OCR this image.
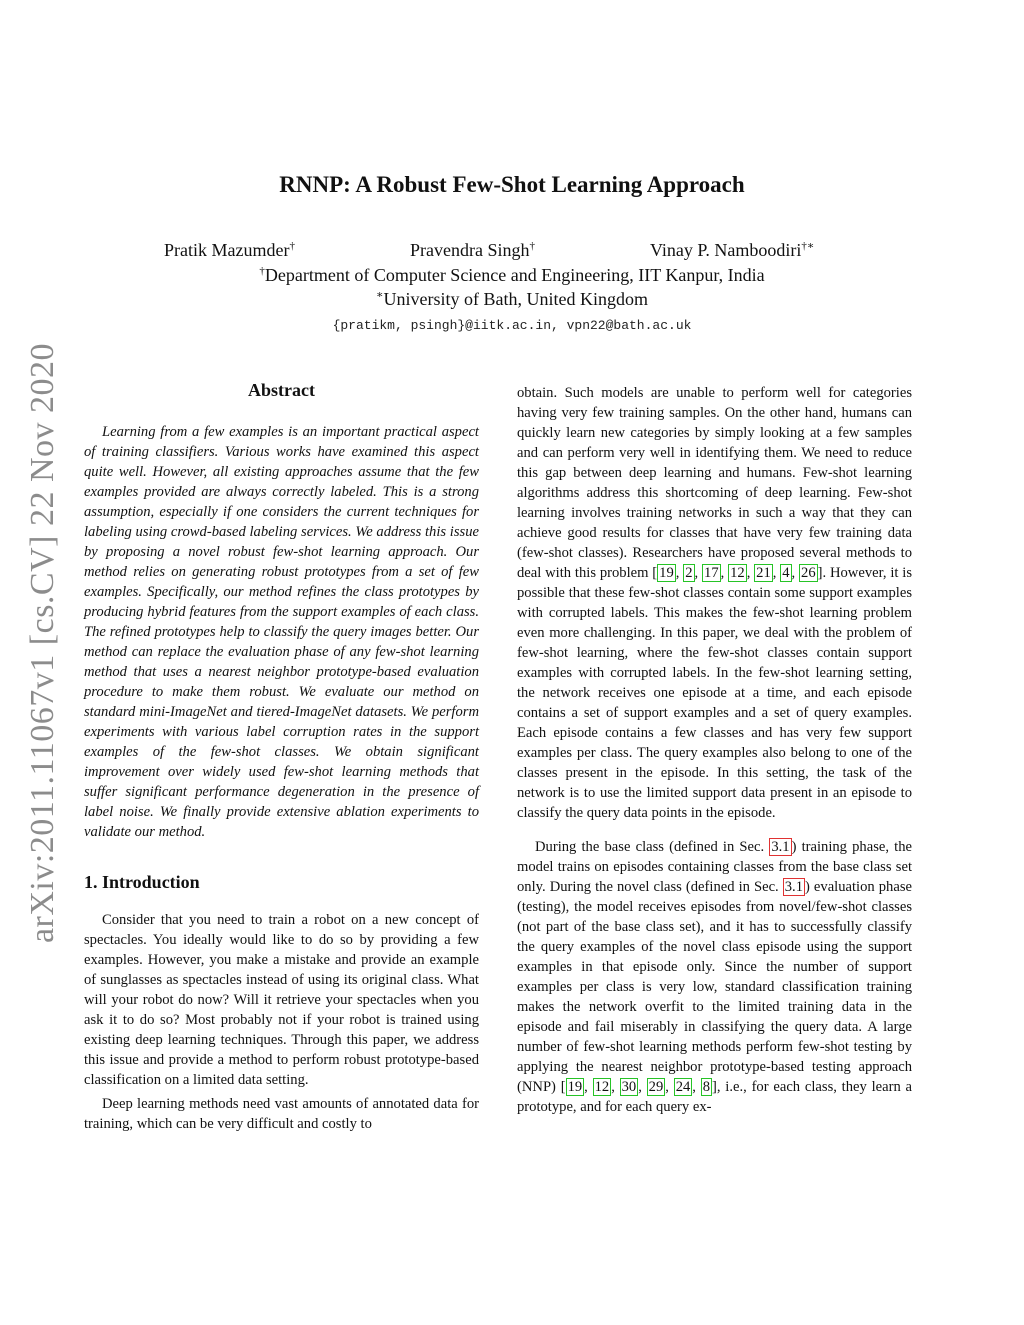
arXiv:2011.11067v1 [cs.CV] 22 Nov 2020
RNNP: A Robust Few-Shot Learning Approach
Pratik Mazumder†	Pravendra Singh†	Vinay P. Namboodiri†∗
†Department of Computer Science and Engineering, IIT Kanpur, India
∗University of Bath, United Kingdom
{pratikm, psingh}@iitk.ac.in, vpn22@bath.ac.uk
Abstract

Learning from a few examples is an important practical aspect of training classifiers. Various works have examined this aspect quite well. However, all existing approaches assume that the few examples provided are always correctly labeled. This is a strong assumption, especially if one considers the current techniques for labeling using crowd-based labeling services. We address this issue by proposing a novel robust few-shot learning approach. Our method relies on generating robust prototypes from a set of few examples. Specifically, our method refines the class prototypes by producing hybrid features from the support examples of each class. The refined prototypes help to classify the query images better. Our method can replace the evaluation phase of any few-shot learning method that uses a nearest neighbor prototype-based evaluation procedure to make them robust. We evaluate our method on standard mini-ImageNet and tiered-ImageNet datasets. We perform experiments with various label corruption rates in the support examples of the few-shot classes. We obtain significant improvement over widely used few-shot learning methods that suffer significant performance degeneration in the presence of label noise. We finally provide extensive ablation experiments to validate our method.

1. Introduction

Consider that you need to train a robot on a new concept of spectacles. You ideally would like to do so by providing a few examples. However, you make a mistake and provide an example of sunglasses as spectacles instead of using its original class. What will your robot do now? Will it retrieve your spectacles when you ask it to do so? Most probably not if your robot is trained using existing deep learning techniques. Through this paper, we address this issue and provide a method to perform robust prototype-based classification on a limited data setting.

Deep learning methods need vast amounts of annotated data for training, which can be very difficult and costly to

obtain. Such models are unable to perform well for categories having very few training samples. On the other hand, humans can quickly learn new categories by simply looking at a few samples and can perform very well in identifying them. We need to reduce this gap between deep learning and humans. Few-shot learning algorithms address this shortcoming of deep learning. Few-shot learning involves training networks in such a way that they can achieve good results for classes that have very few training data (few-shot classes). Researchers have proposed several methods to deal with this problem [ 19 , 2 , 17 , 12 , 21 , 4 , 26 ]. However, it is possible that these few-shot classes contain some support examples with corrupted labels. This makes the few-shot learning problem even more challenging. In this paper, we deal with the problem of few-shot learning, where the few-shot classes contain support examples with corrupted labels. In the few-shot learning setting, the network receives one episode at a time, and each episode contains a set of support examples and a set of query examples. Each episode contains a few classes and has very few support examples per class. The query examples also belong to one of the classes present in the episode. In this setting, the task of the network is to use the limited support data present in an episode to classify the query data points in the episode.

During the base class (defined in Sec. 3.1 ) training phase, the model trains on episodes containing classes from the base class set only. During the novel class (defined in Sec. 3.1 ) evaluation phase (testing), the model receives episodes from novel/few-shot classes (not part of the base class set), and it has to successfully classify the query examples of the novel class episode using the support examples in that episode only. Since the number of support examples per class is very low, standard classification training makes the network overfit to the limited training data in the episode and fail miserably in classifying the query data. A large number of few-shot learning methods perform few-shot testing by applying the nearest neighbor prototype-based testing approach (NNP) [ 19 , 12 , 30 , 29 , 24 , 8 ], i.e., for each class, they learn a prototype, and for each query ex-
